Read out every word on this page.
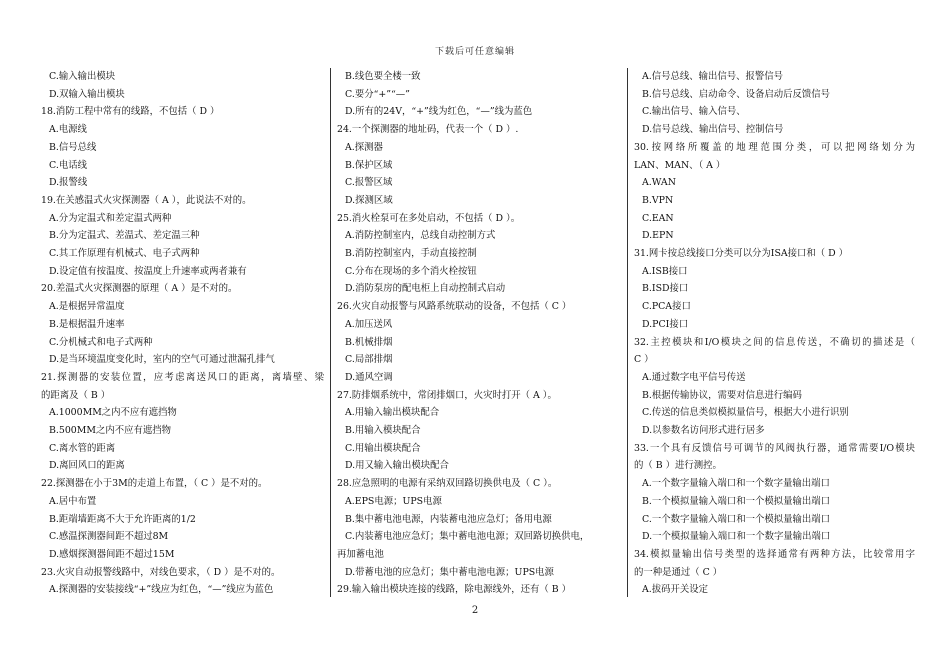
下载后可任意编辑
C.输入输出模块
D.双输入输出模块
18.消防工程中常有的线路，不包括（ D ）
A.电源线
B.信号总线
C.电话线
D.报警线
19.在关感温式火灾探测器（ A ），此说法不对的。
A.分为定温式和差定温式两种
B.分为定温式、差温式、差定温三种
C.其工作原理有机械式、电子式两种
D.设定值有按温度、按温度上升速率或两者兼有
20.差温式火灾探测器的原理（ A ）是不对的。
A.是根据异常温度
B.是根据温升速率
C.分机械式和电子式两种
D.是当环境温度变化时，室内的空气可通过泄漏孔排气
21.探测器的安装位置，应考虑离送风口的距离，离墙壁、梁
的距离及（ B ）
A.1000MM之内不应有遮挡物
B.500MM之内不应有遮挡物
C.离水管的距离
D.离回风口的距离
22.探测器在小于3M的走道上布置，（ C ）是不对的。
A.居中布置
B.距端墙距离不大于允许距离的1/2
C.感温探测器间距不超过8M
D.感烟探测器间距不超过15M
23.火灾自动报警线路中，对线色要求，（ D ）是不对的。
A.探测器的安装接线“+”线应为红色，“—”线应为蓝色
B.线色要全楼一致
C.要分“+”“—”
D.所有的24V，“+”线为红色，“—”线为蓝色
24.一个探测器的地址码，代表一个（ D ）.
A.探测器
B.保护区域
C.报警区域
D.探测区域
25.消火栓泵可在多处启动，不包括（ D ）。
A.消防控制室内，总线自动控制方式
B.消防控制室内，手动直接控制
C.分布在现场的多个消火栓按钮
D.消防泵房的配电柜上自动控制式启动
26.火灾自动报警与风路系统联动的设备，不包括（ C ）
A.加压送风
B.机械排烟
C.局部排烟
D.通风空调
27.防排烟系统中，常闭排烟口，火灾时打开（ A ）。
A.用输入输出模块配合
B.用输入模块配合
C.用输出模块配合
D.用又输入输出模块配合
28.应急照明的电源有采纳双回路切换供电及（ C ）。
A.EPS电源；UPS电源
B.集中蓄电池电源，内装蓄电池应急灯；备用电源
C.内装蓄电池应急灯；集中蓄电池电源；双回路切换供电，
再加蓄电池
D.带蓄电池的应急灯；集中蓄电池电源；UPS电源
29.输入输出模块连接的线路，除电源线外，还有（ B ）
A.信号总线、输出信号、报警信号
B.信号总线、启动命令、设备启动后反馈信号
C.输出信号、输入信号、
D.信号总线、输出信号、控制信号
30.按网络所覆盖的地理范围分类，可以把网络划分为
LAN、MAN、（ A ）
A.WAN
B.VPN
C.EAN
D.EPN
31.网卡按总线接口分类可以分为ISA接口和（ D ）
A.ISB接口
B.ISD接口
C.PCA接口
D.PCI接口
32.主控模块和I/O模块之间的信息传送，不确切的描述是（
C ）
A.通过数字电平信号传送
B.根据传输协议，需要对信息进行编码
C.传送的信息类似模拟量信号，根据大小进行识别
D.以参数名访问形式进行居多
33.一个具有反馈信号可调节的风阀执行器，通常需要I/O模块
的（ B ）进行测控。
A.一个数字量输入端口和一个数字量输出端口
B.一个模拟量输入端口和一个模拟量输出端口
C.一个数字量输入端口和一个模拟量输出端口
D.一个模拟量输入端口和一个数字量输出端口
34.模拟量输出信号类型的选择通常有两种方法，比较常用字
的一种是通过（ C ）
A.拔码开关设定
2
